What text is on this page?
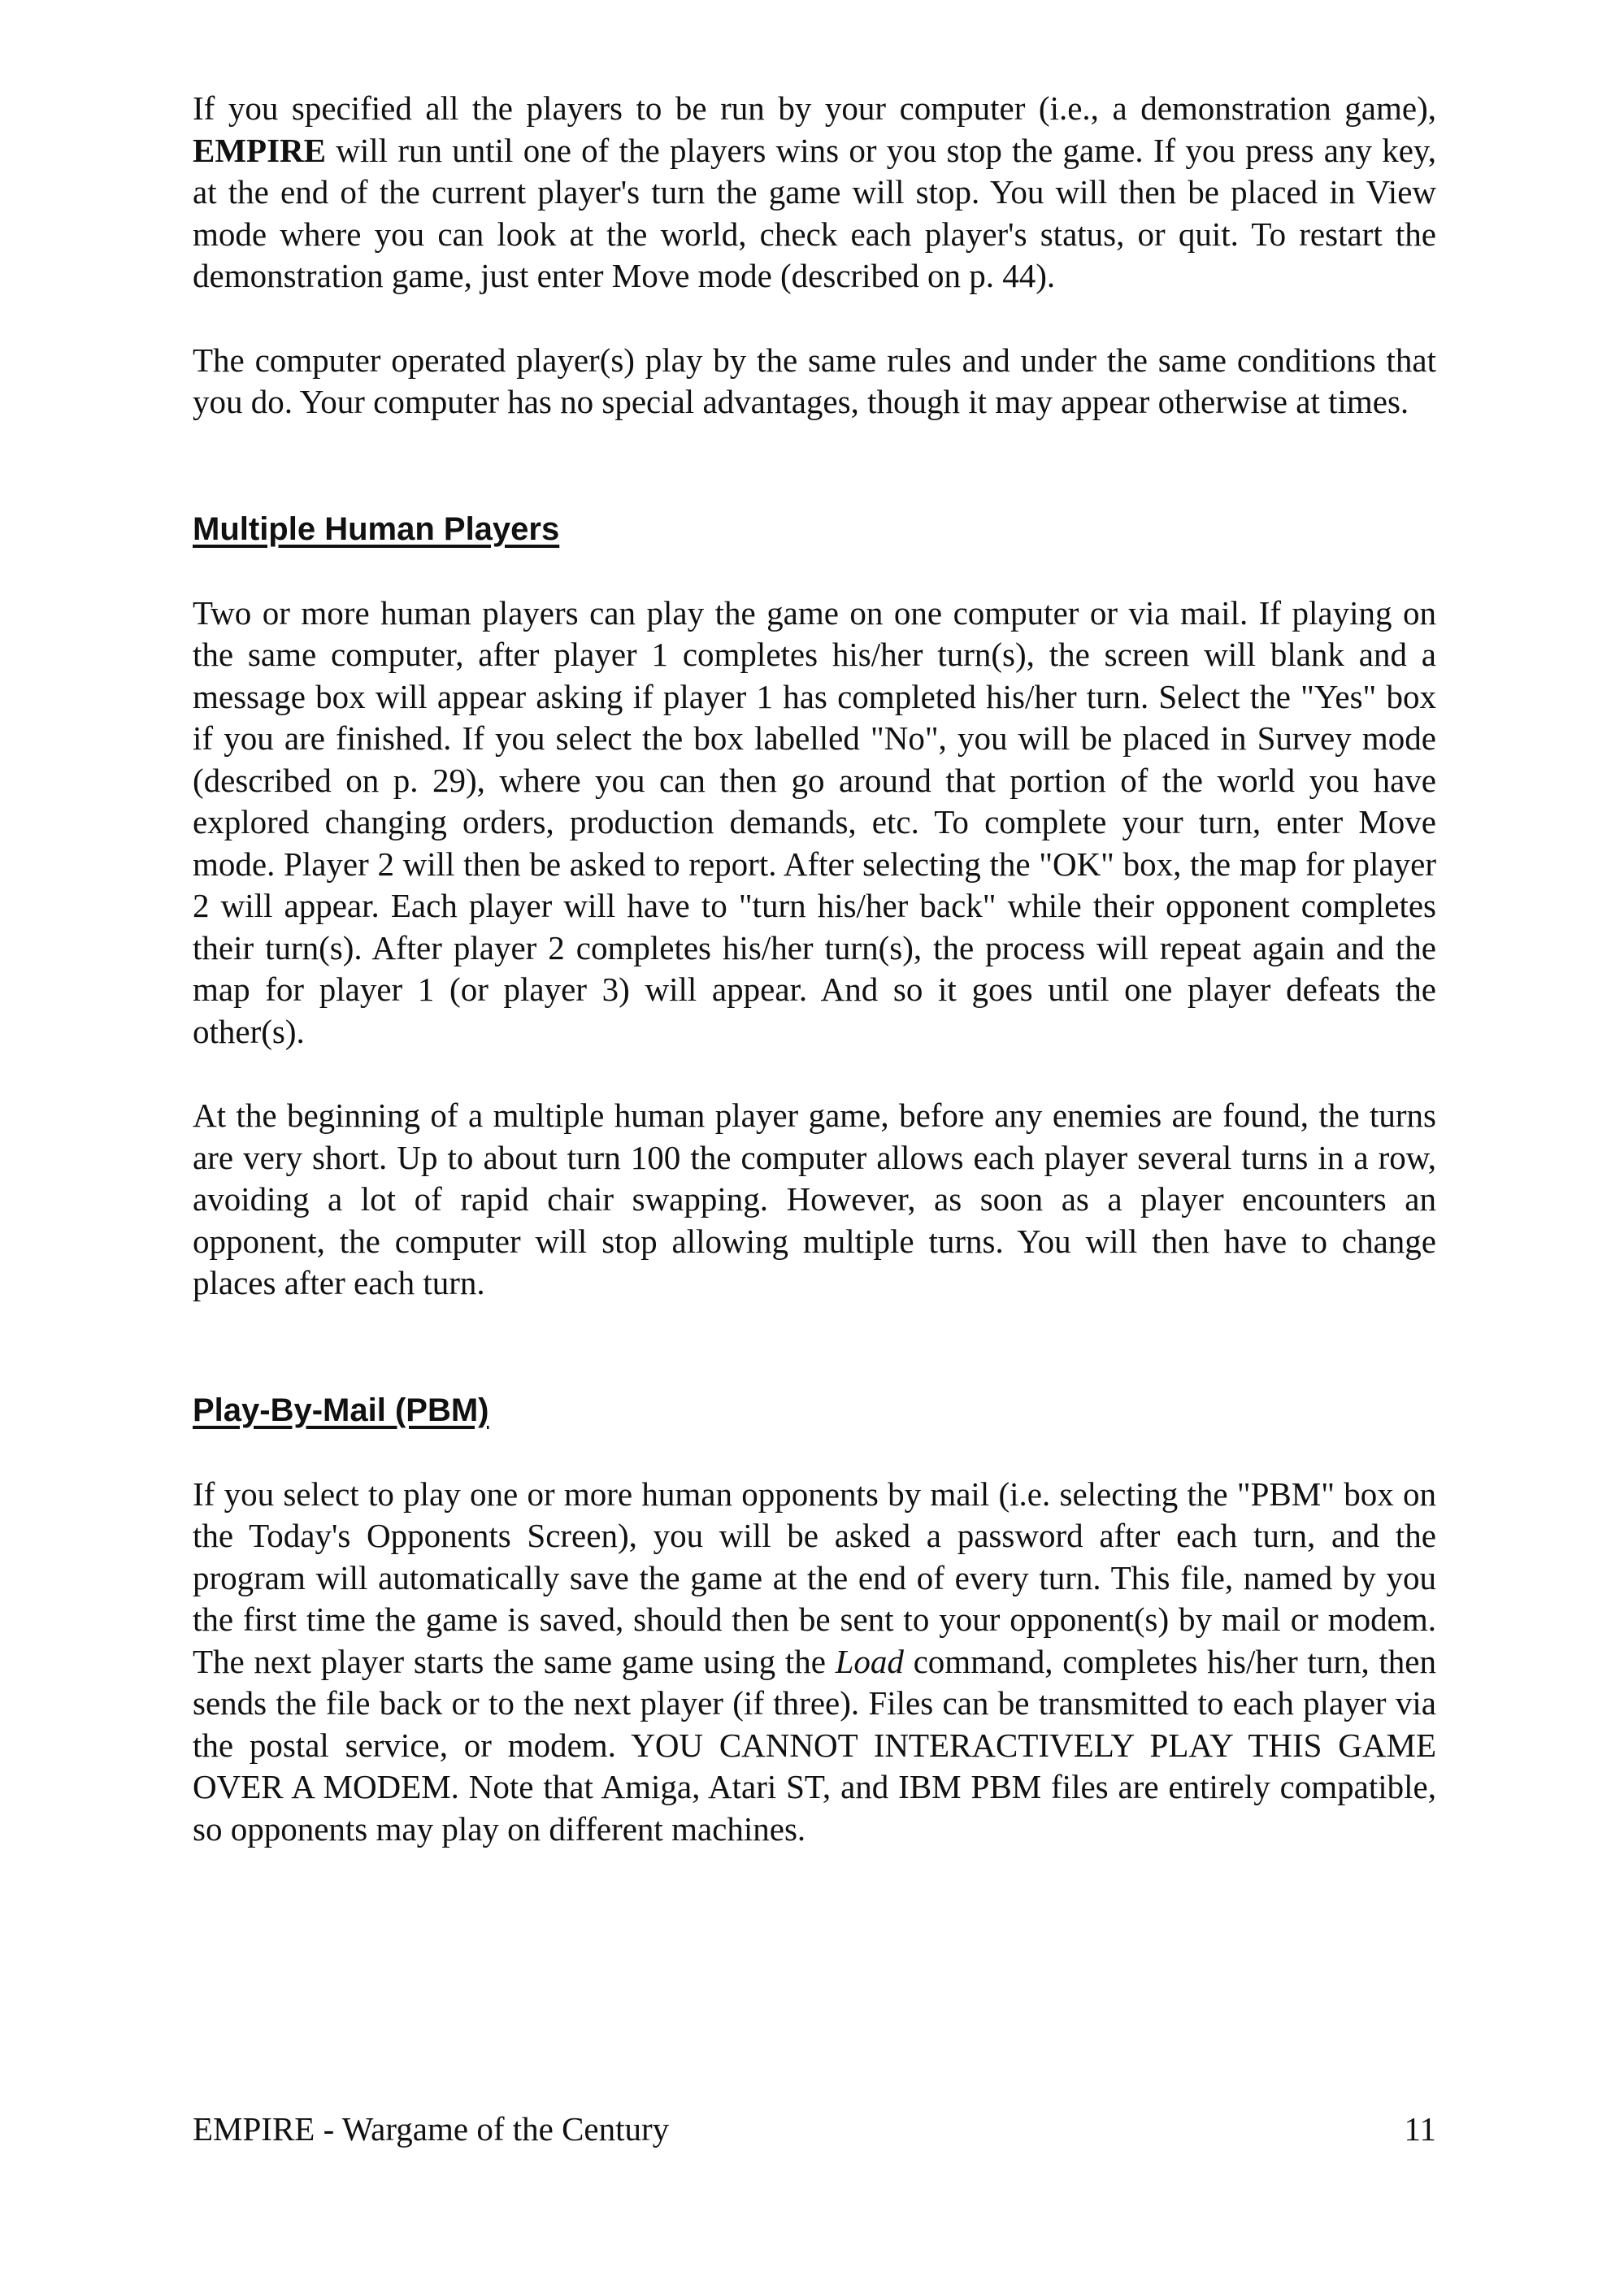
If you specified all the players to be run by your computer (i.e., a demonstration game), EMPIRE will run until one of the players wins or you stop the game. If you press any key, at the end of the current player's turn the game will stop. You will then be placed in View mode where you can look at the world, check each player's status, or quit. To restart the demonstration game, just enter Move mode (described on p. 44).

The computer operated player(s) play by the same rules and under the same conditions that you do. Your computer has no special advantages, though it may appear otherwise at times.

Multiple Human Players

Two or more human players can play the game on one computer or via mail. If playing on the same computer, after player 1 completes his/her turn(s), the screen will blank and a message box will appear asking if player 1 has completed his/her turn. Select the "Yes" box if you are finished. If you select the box labelled "No", you will be placed in Survey mode (described on p. 29), where you can then go around that portion of the world you have explored changing orders, production demands, etc. To complete your turn, enter Move mode. Player 2 will then be asked to report. After selecting the "OK" box, the map for player 2 will appear. Each player will have to "turn his/her back" while their opponent completes their turn(s). After player 2 completes his/her turn(s), the process will repeat again and the map for player 1 (or player 3) will appear. And so it goes until one player defeats the other(s).

At the beginning of a multiple human player game, before any enemies are found, the turns are very short. Up to about turn 100 the computer allows each player several turns in a row, avoiding a lot of rapid chair swapping. However, as soon as a player encounters an opponent, the computer will stop allowing multiple turns. You will then have to change places after each turn.

Play-By-Mail (PBM)

If you select to play one or more human opponents by mail (i.e. selecting the "PBM" box on the Today's Opponents Screen), you will be asked a password after each turn, and the program will automatically save the game at the end of every turn. This file, named by you the first time the game is saved, should then be sent to your opponent(s) by mail or modem. The next player starts the same game using the Load command, completes his/her turn, then sends the file back or to the next player (if three). Files can be transmitted to each player via the postal service, or modem. YOU CANNOT INTERACTIVELY PLAY THIS GAME OVER A MODEM. Note that Amiga, Atari ST, and IBM PBM files are entirely compatible, so opponents may play on different machines.

EMPIRE - Wargame of the Century	11
